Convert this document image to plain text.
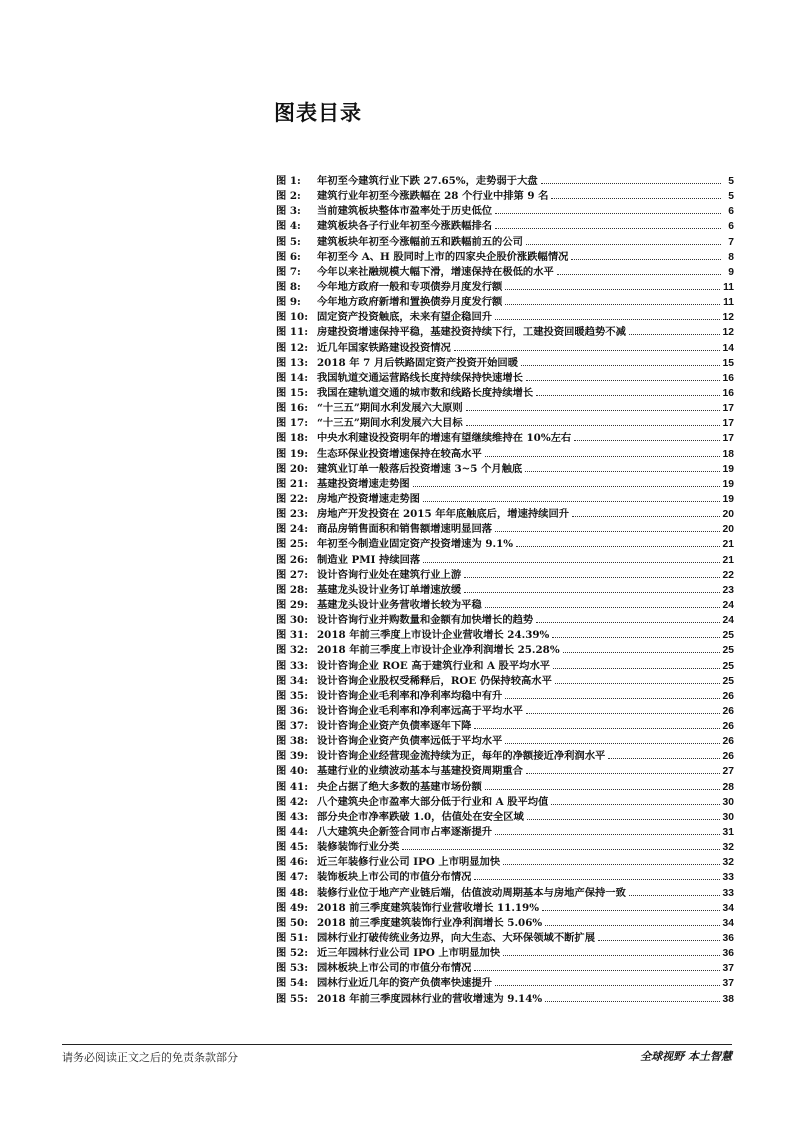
图表目录
图 1:	年初至今建筑行业下跌 27.65%，走势弱于大盘	5
图 2:	建筑行业年初至今涨跌幅在 28 个行业中排第 9 名	5
图 3:	当前建筑板块整体市盈率处于历史低位	6
图 4:	建筑板块各子行业年初至今涨跌幅排名	6
图 5:	建筑板块年初至今涨幅前五和跌幅前五的公司	7
图 6:	年初至今 A、H 股同时上市的四家央企股价涨跌幅情况	8
图 7:	今年以来社融规模大幅下滑，增速保持在极低的水平	9
图 8:	今年地方政府一般和专项债券月度发行额	11
图 9:	今年地方政府新增和置换债券月度发行额	11
图 10: 固定资产投资触底，未来有望企稳回升	12
图 11: 房建投资增速保持平稳，基建投资持续下行，工建投资回暖趋势不减	12
图 12: 近几年国家铁路建设投资情况	14
图 13: 2018 年 7 月后铁路固定资产投资开始回暖	15
图 14: 我国轨道交通运营路线长度持续保持快速增长	16
图 15: 我国在建轨道交通的城市数和线路长度持续增长	16
图 16: “十三五”期间水利发展六大原则	17
图 17: “十三五”期间水利发展六大目标	17
图 18: 中央水利建设投资明年的增速有望继续维持在 10%左右	17
图 19: 生态环保业投资增速保持在较高水平	18
图 20: 建筑业订单一般落后投资增速 3~5 个月触底	19
图 21: 基建投资增速走势图	19
图 22: 房地产投资增速走势图	19
图 23: 房地产开发投资在 2015 年年底触底后，增速持续回升	20
图 24: 商品房销售面积和销售额增速明显回落	20
图 25: 年初至今制造业固定资产投资增速为 9.1%	21
图 26: 制造业 PMI 持续回落	21
图 27: 设计咨询行业处在建筑行业上游	22
图 28: 基建龙头设计业务订单增速放缓	23
图 29: 基建龙头设计业务营收增长较为平稳	24
图 30: 设计咨询行业并购数量和金额有加快增长的趋势	24
图 31: 2018 年前三季度上市设计企业营收增长 24.39%	25
图 32: 2018 年前三季度上市设计企业净利润增长 25.28%	25
图 33: 设计咨询企业 ROE 高于建筑行业和 A 股平均水平	25
图 34: 设计咨询企业股权受稀释后，ROE 仍保持较高水平	25
图 35: 设计咨询企业毛利率和净利率均稳中有升	26
图 36: 设计咨询企业毛利率和净利率远高于平均水平	26
图 37: 设计咨询企业资产负债率逐年下降	26
图 38: 设计咨询企业资产负债率远低于平均水平	26
图 39: 设计咨询企业经营现金流持续为正，每年的净额接近净利润水平	26
图 40: 基建行业的业绩波动基本与基建投资周期重合	27
图 41: 央企占据了绝大多数的基建市场份额	28
图 42: 八个建筑央企市盈率大部分低于行业和 A 股平均值	30
图 43: 部分央企市净率跌破 1.0，估值处在安全区域	30
图 44: 八大建筑央企新签合同市占率逐渐提升	31
图 45: 装修装饰行业分类	32
图 46: 近三年装修行业公司 IPO 上市明显加快	32
图 47: 装饰板块上市公司的市值分布情况	33
图 48: 装修行业位于地产产业链后端，估值波动周期基本与房地产保持一致	33
图 49: 2018 前三季度建筑装饰行业营收增长 11.19%	34
图 50: 2018 前三季度建筑装饰行业净利润增长 5.06%	34
图 51: 园林行业打破传统业务边界，向大生态、大环保领域不断扩展	36
图 52: 近三年园林行业公司 IPO 上市明显加快	36
图 53: 园林板块上市公司的市值分布情况	37
图 54: 园林行业近几年的资产负债率快速提升	37
图 55: 2018 年前三季度园林行业的营收增速为 9.14%	38
请务必阅读正文之后的免责条款部分	全球视野 本土智慧
